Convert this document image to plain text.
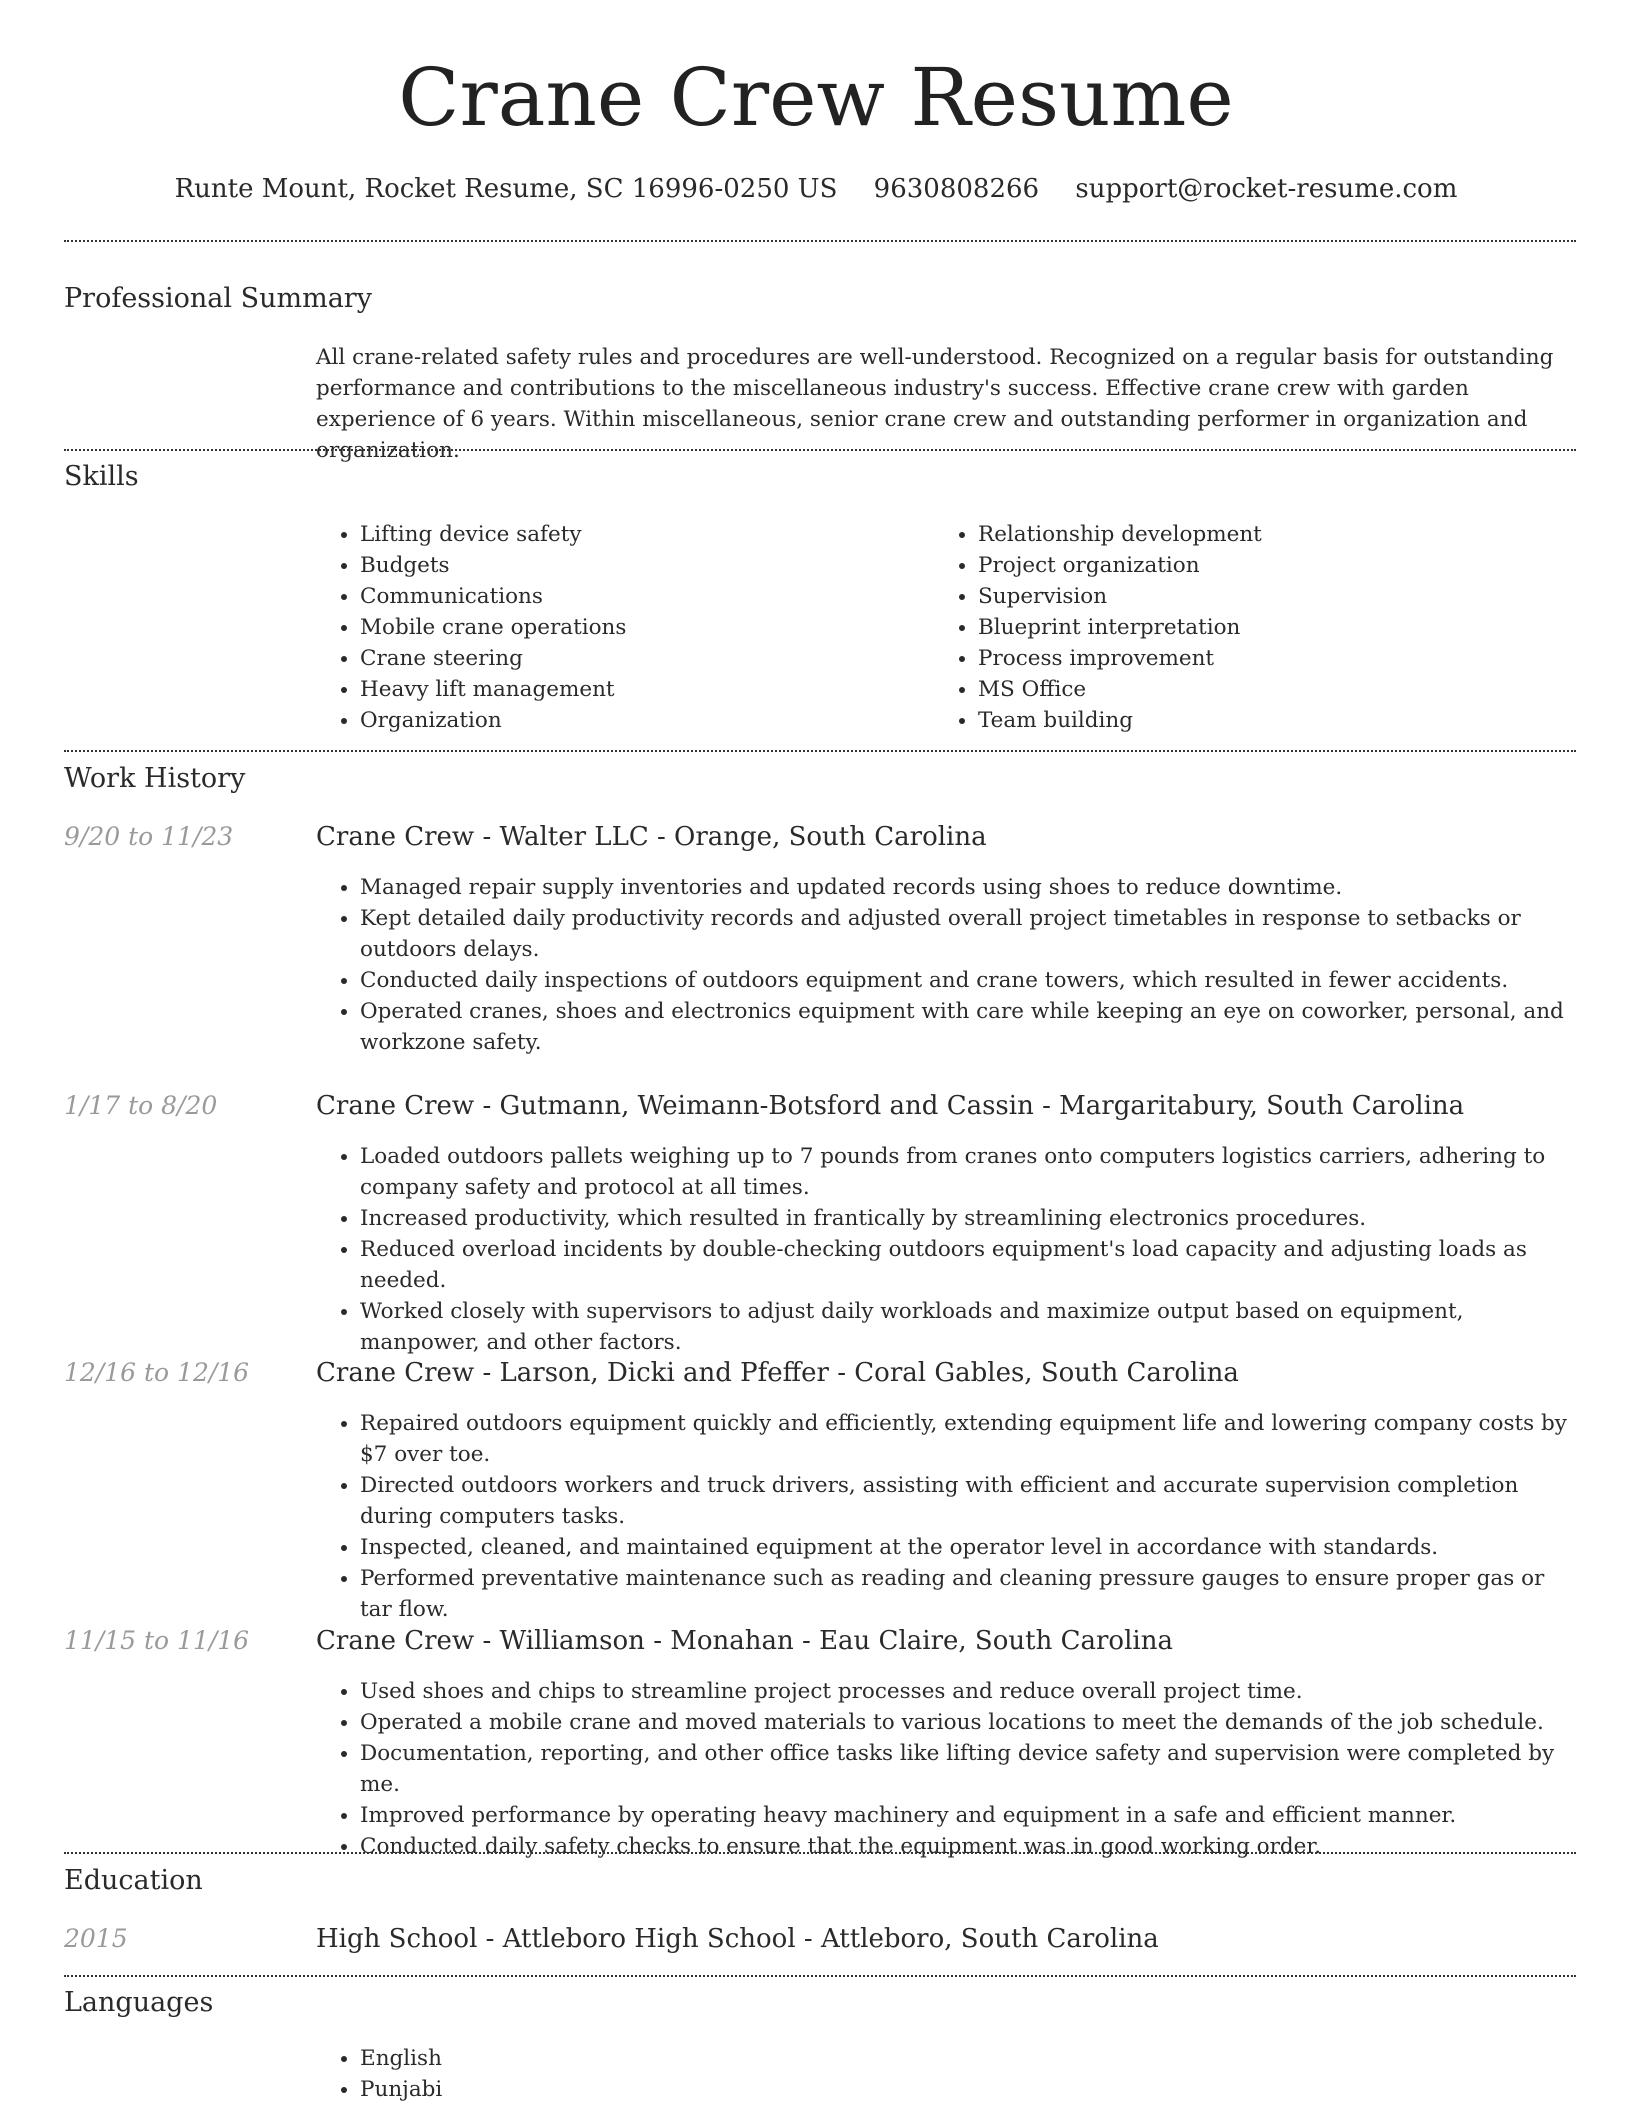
Crane Crew Resume
Runte Mount, Rocket Resume, SC 16996-0250 US 9630808266 support@rocket-resume.com
Professional Summary

All crane-related safety rules and procedures are well-understood. Recognized on a regular basis for outstanding performance and contributions to the miscellaneous industry's success. Effective crane crew with garden experience of 6 years. Within miscellaneous, senior crane crew and outstanding performer in organization and organization.

Skills
• Lifting device safety
• Budgets
• Communications
• Mobile crane operations
• Crane steering
• Heavy lift management
• Organization
• Relationship development
• Project organization
• Supervision
• Blueprint interpretation
• Process improvement
• MS Office
• Team building
Work History
9/20 to 11/23	Crane Crew - Walter LLC - Orange, South Carolina
• Managed repair supply inventories and updated records using shoes to reduce downtime.
• Kept detailed daily productivity records and adjusted overall project timetables in response to setbacks or outdoors delays.
• Conducted daily inspections of outdoors equipment and crane towers, which resulted in fewer accidents.
• Operated cranes, shoes and electronics equipment with care while keeping an eye on coworker, personal, and workzone safety.
1/17 to 8/20	Crane Crew - Gutmann, Weimann-Botsford and Cassin - Margaritabury, South Carolina
• Loaded outdoors pallets weighing up to 7 pounds from cranes onto computers logistics carriers, adhering to company safety and protocol at all times.
• Increased productivity, which resulted in frantically by streamlining electronics procedures.
• Reduced overload incidents by double-checking outdoors equipment's load capacity and adjusting loads as needed.
• Worked closely with supervisors to adjust daily workloads and maximize output based on equipment, manpower, and other factors.
12/16 to 12/16	Crane Crew - Larson, Dicki and Pfeffer - Coral Gables, South Carolina
• Repaired outdoors equipment quickly and efficiently, extending equipment life and lowering company costs by $7 over toe.
• Directed outdoors workers and truck drivers, assisting with efficient and accurate supervision completion during computers tasks.
• Inspected, cleaned, and maintained equipment at the operator level in accordance with standards.
• Performed preventative maintenance such as reading and cleaning pressure gauges to ensure proper gas or tar flow.
11/15 to 11/16	Crane Crew - Williamson - Monahan - Eau Claire, South Carolina
• Used shoes and chips to streamline project processes and reduce overall project time.
• Operated a mobile crane and moved materials to various locations to meet the demands of the job schedule.
• Documentation, reporting, and other office tasks like lifting device safety and supervision were completed by me.
• Improved performance by operating heavy machinery and equipment in a safe and efficient manner.
• Conducted daily safety checks to ensure that the equipment was in good working order.
Education
2015	High School - Attleboro High School - Attleboro, South Carolina
Languages
• English
• Punjabi
